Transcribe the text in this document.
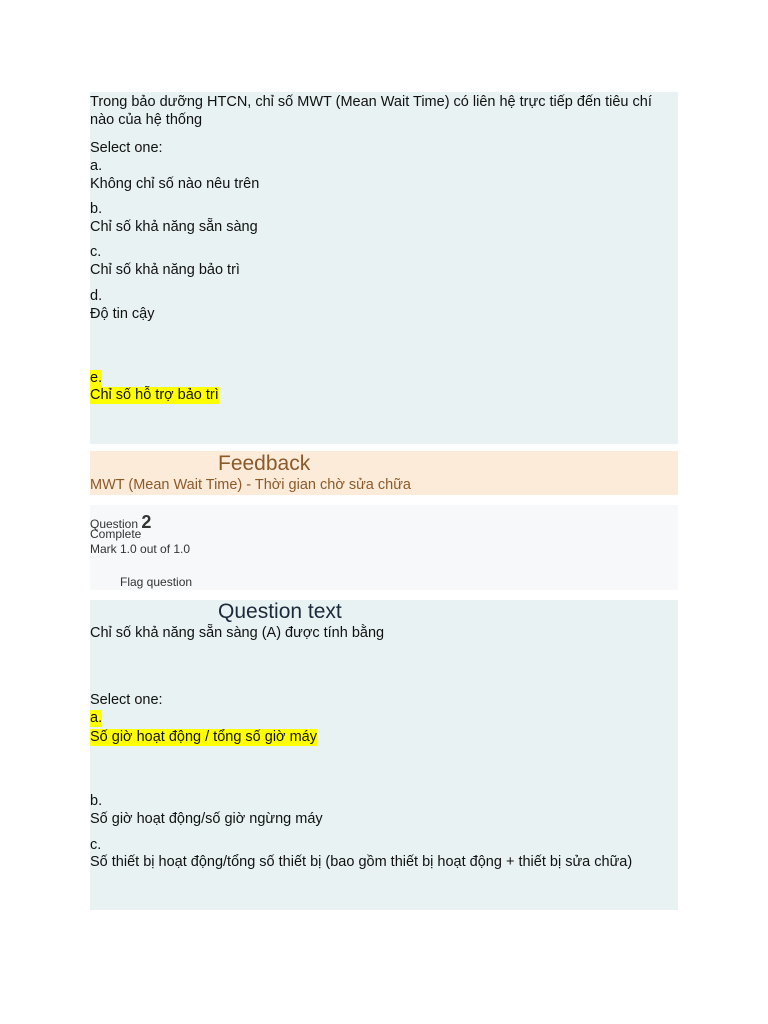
Trong bảo dưỡng HTCN, chỉ số MWT (Mean Wait Time) có liên hệ trực tiếp đến tiêu chí
nào của hệ thống
Select one:
a.
Không chỉ số nào nêu trên
b.
Chỉ số khả năng sẵn sàng
c.
Chỉ số khả năng bảo trì
d.
Độ tin cậy
e.
Chỉ số hỗ trợ bảo trì
Feedback
MWT (Mean Wait Time) - Thời gian chờ sửa chữa
Question 2
Complete
Mark 1.0 out of 1.0
Flag question
Question text
Chỉ số khả năng sẵn sàng (A) được tính bằng
Select one:
a.
Số giờ hoạt động / tổng số giờ máy
b.
Số giờ hoạt động/số giờ ngừng máy
c.
Số thiết bị hoạt động/tổng số thiết bị (bao gồm thiết bị hoạt động + thiết bị sửa chữa)
